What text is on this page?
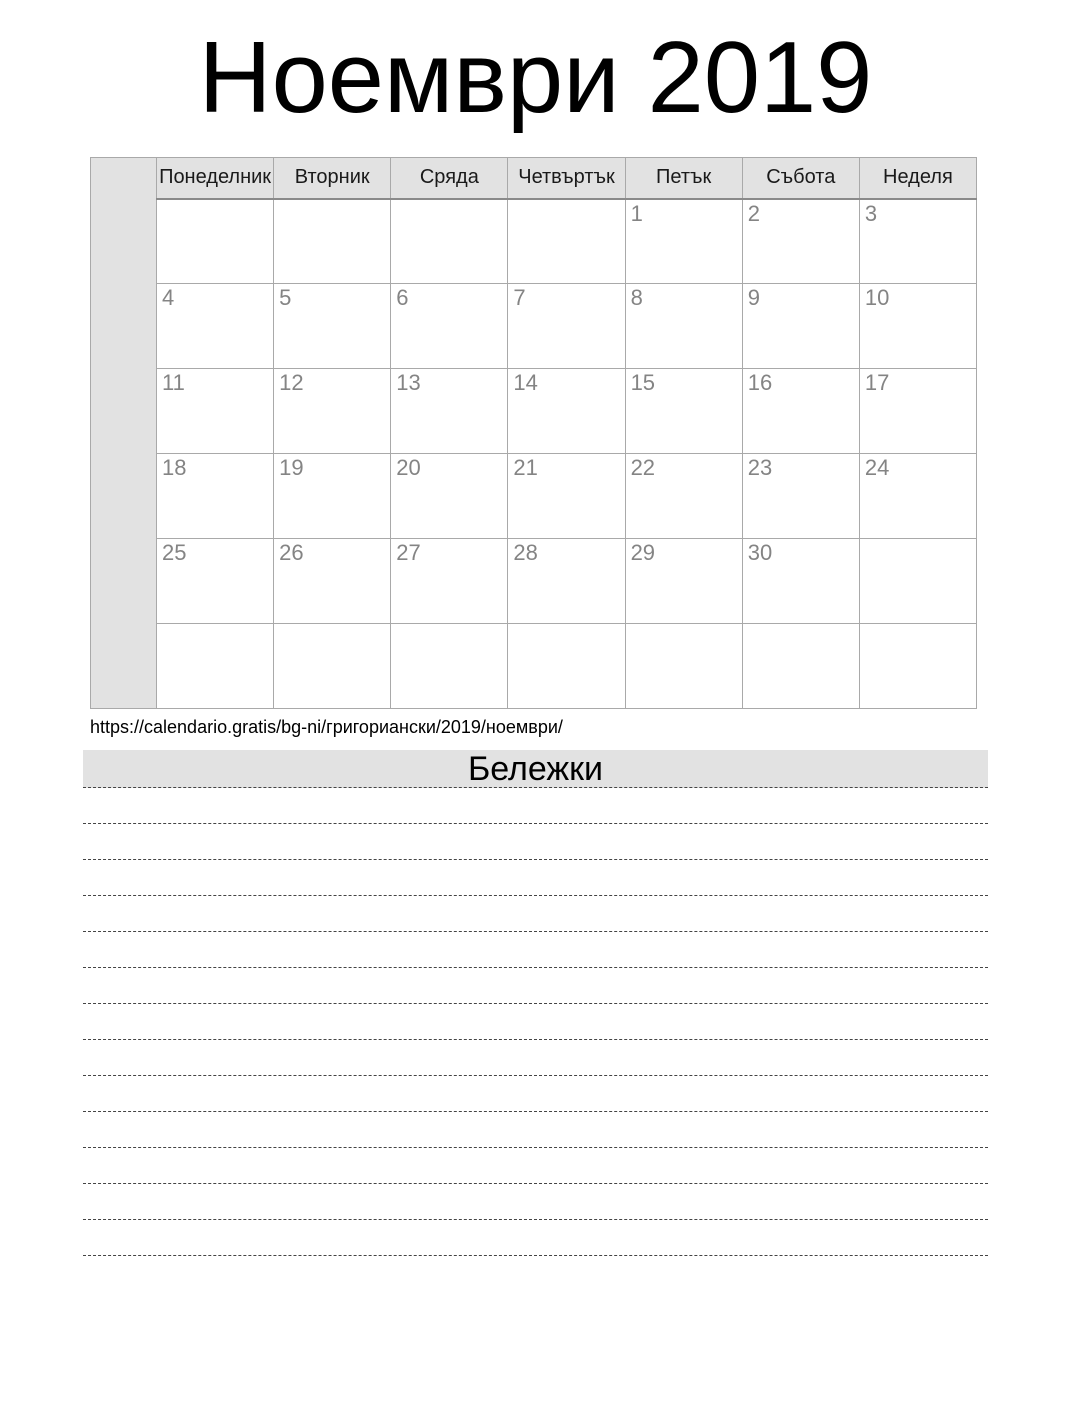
Ноември 2019
	Понеделник	Вторник	Сряда	Четвъртък	Петък	Събота	Неделя
					1	2	3
	4	5	6	7	8	9	10
	11	12	13	14	15	16	17
	18	19	20	21	22	23	24
	25	26	27	28	29	30	

https://calendario.gratis/bg-ni/григориански/2019/ноември/
Бележки
